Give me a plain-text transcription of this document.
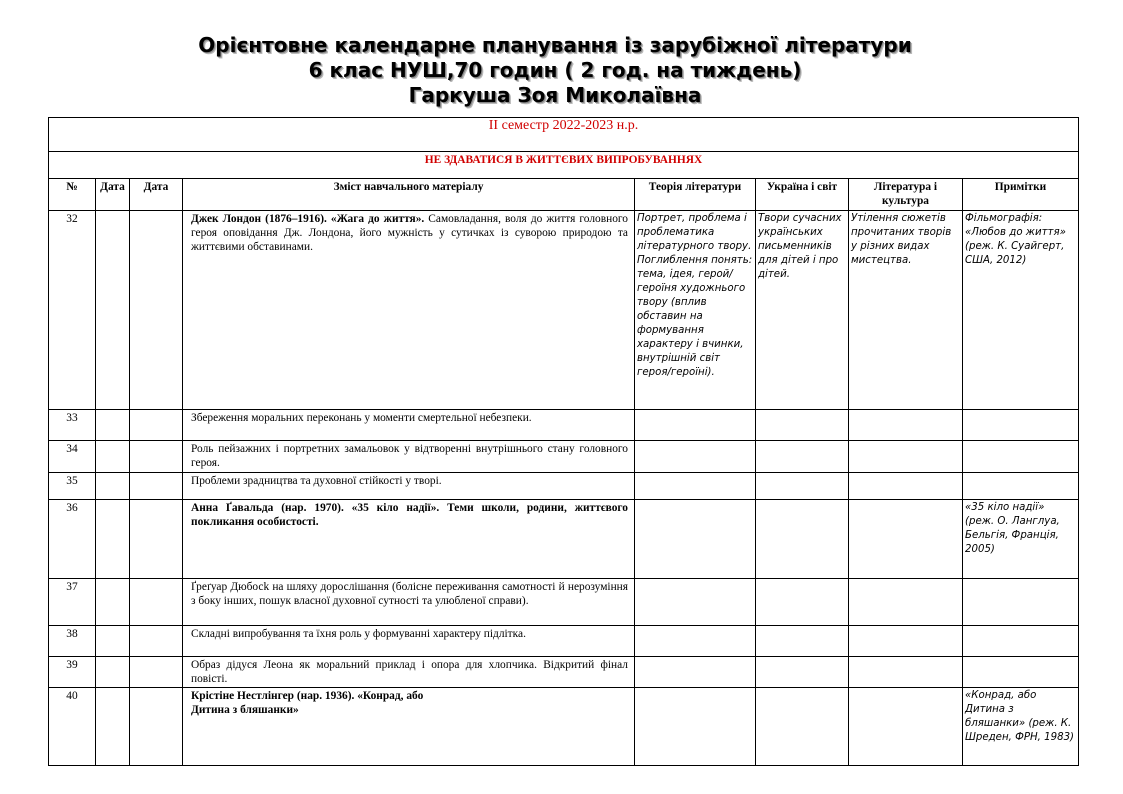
Орієнтовне календарне планування із зарубіжної літератури
6 клас НУШ,70 годин ( 2 год. на тиждень)
Гаркуша Зоя Миколаївна
II семестр 2022-2023 н.р.							
НЕ ЗДАВАТИСЯ В ЖИТТЄВИХ ВИПРОБУВАННЯХ							
№	Дата	Дата	Зміст навчального матеріалу	Теорія літератури	Україна і світ	Література і культура	Примітки
32			Джек Лондон (1876–1916). «Жага до життя». Самовладання, воля до життя головного героя оповідання Дж. Лондона, його мужність у сутичках із суворою природою та життєвими обставинами.	Портрет, проблема і проблематика літературного твору. Поглиблення понять: тема, ідея, герой/героїня художнього твору (вплив обставин на формування характеру і вчинки, внутрішній світ героя/героїні).	Твори сучасних українських письменників для дітей і про дітей.	Утілення сюжетів прочитаних творів у різних видах мистецтва.	Фільмографія: «Любов до життя» (реж. К. Суайгерт, США, 2012)
33			Збереження моральних переконань у моменти смертельної небезпеки.				
34			Роль пейзажних і портретних замальовок у відтворенні внутрішнього стану головного героя.				
35			Проблеми зрадництва та духовної стійкості у творі.				
36			Анна Ґавальда (нар. 1970). «35 кіло надії». Теми школи, родини, життєвого покликання особистості.				«35 кіло надії» (реж. О. Ланглуа, Бельгія, Франція, 2005)
37			Ґреґуар Дюбосk на шляху дорослішання (болісне переживання самотності й нерозуміння з боку інших, пошук власної духовної сутності та улюбленої справи).				
38			Складні випробування та їхня роль у формуванні характеру підлітка.				
39			Образ дідуся Леона як моральний приклад і опора для хлопчика. Відкритий фінал повісті.				
40			Крістіне Нестлінгер (нар. 1936). «Конрад, або
Дитина з бляшанки»				«Конрад, або Дитина з бляшанки» (реж. К. Шреден, ФРН, 1983)
